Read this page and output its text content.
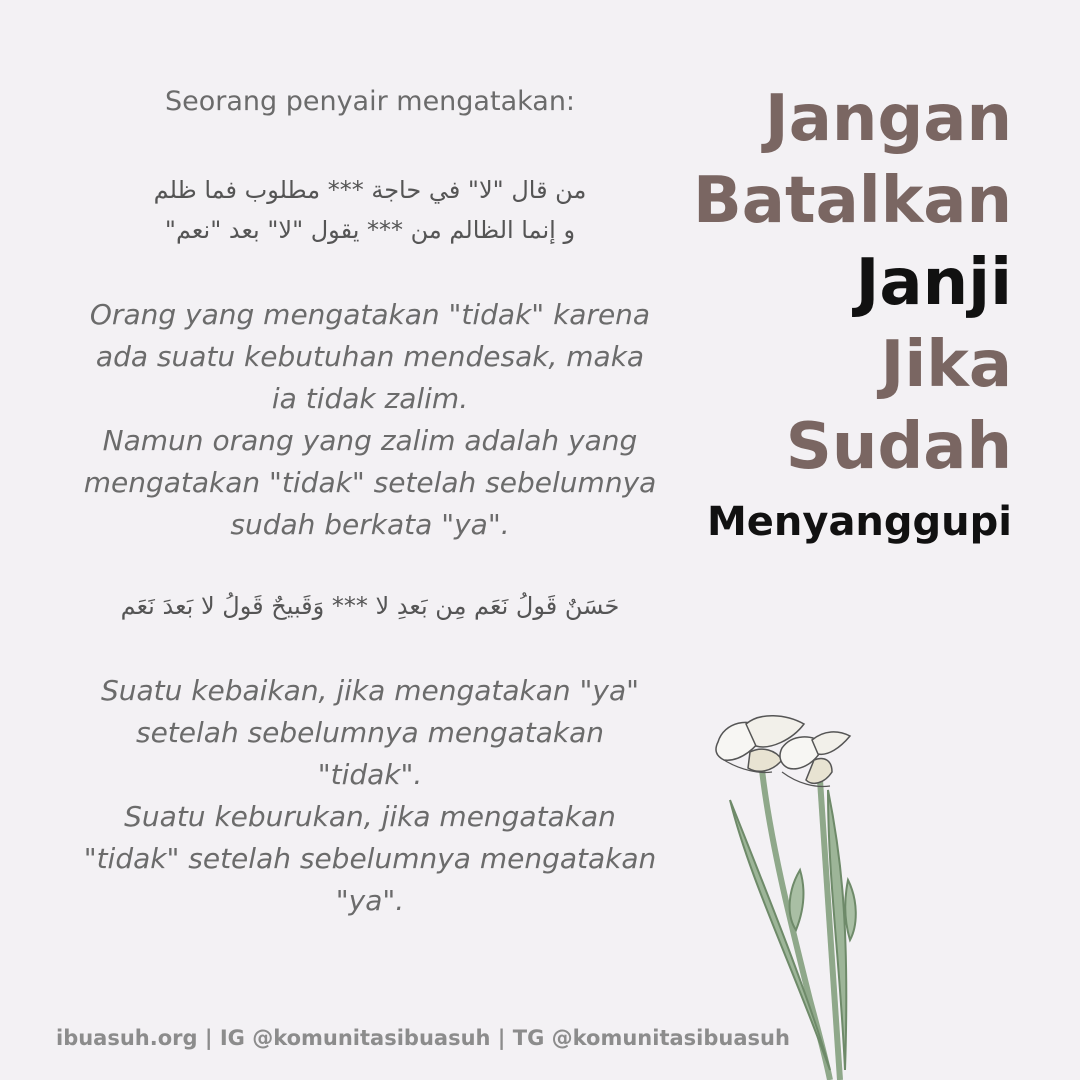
Seorang penyair mengatakan:

من قال "لا" في حاجة *** مطلوب فما ظلم
و إنما الظالم من *** يقول "لا" بعد "نعم"
Orang yang mengatakan "tidak" karena
ada suatu kebutuhan mendesak, maka
ia tidak zalim.
Namun orang yang zalim adalah yang
mengatakan "tidak" setelah sebelumnya
sudah berkata "ya".
حَسَنٌ قَولُ نَعَم مِن بَعدِ لا *** وَقَبيحٌ قَولُ لا بَعدَ نَعَم
Suatu kebaikan, jika mengatakan "ya"
setelah sebelumnya mengatakan
"tidak".
Suatu keburukan, jika mengatakan
"tidak" setelah sebelumnya mengatakan
"ya".
Jangan
Batalkan
Janji
Jika
Sudah
Menyanggupi
ibuasuh.org | IG @komunitasibuasuh | TG @komunitasibuasuh
